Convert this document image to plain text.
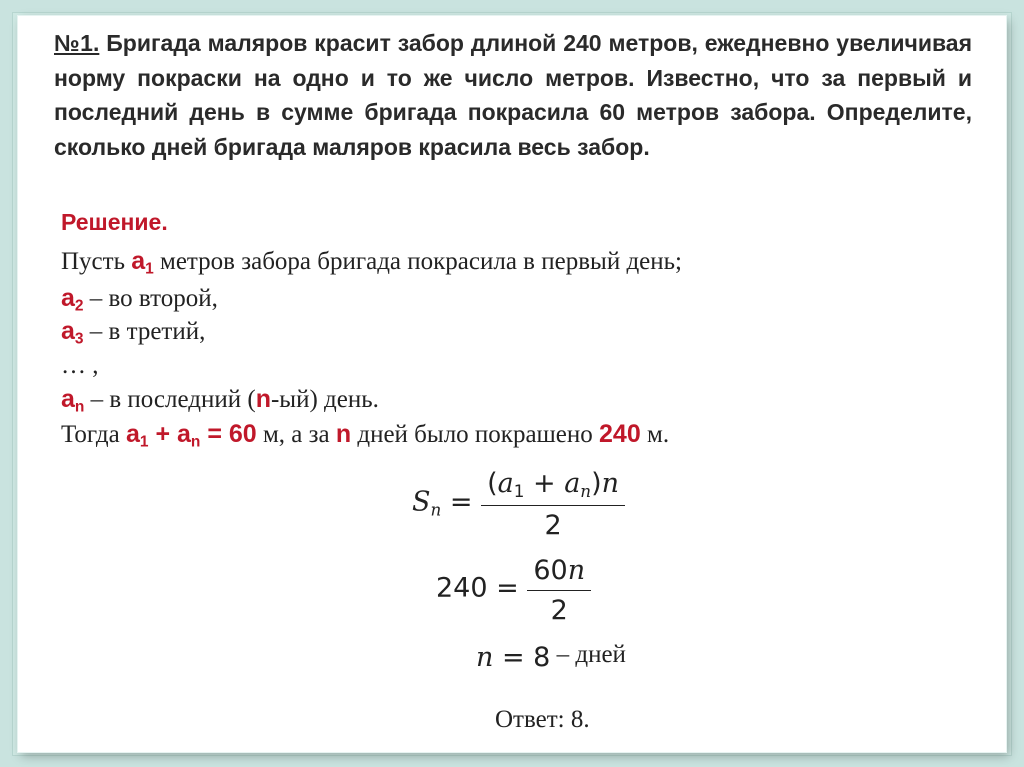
№1. Бригада маляров красит забор длиной 240 метров, ежедневно увеличивая норму покраски на одно и то же число метров. Известно, что за первый и последний день в сумме бригада покрасила 60 метров забора. Определите, сколько дней бригада маляров красила весь забор.
Решение.
Пусть $a_1$ метров забора бригада покрасила в первый день;
$a_2$ – во второй,
$a_3$ – в третий,
… ,
$a_n$ – в последний (n-ый) день.
Тогда $a_1 + a_n = 60$ м, а за n дней было покрашено 240 м.
$S_n = \frac{(a_1 + a_n)n}{2}$
$240 = \frac{60n}{2}$
n = 8 – дней
Ответ: 8.
